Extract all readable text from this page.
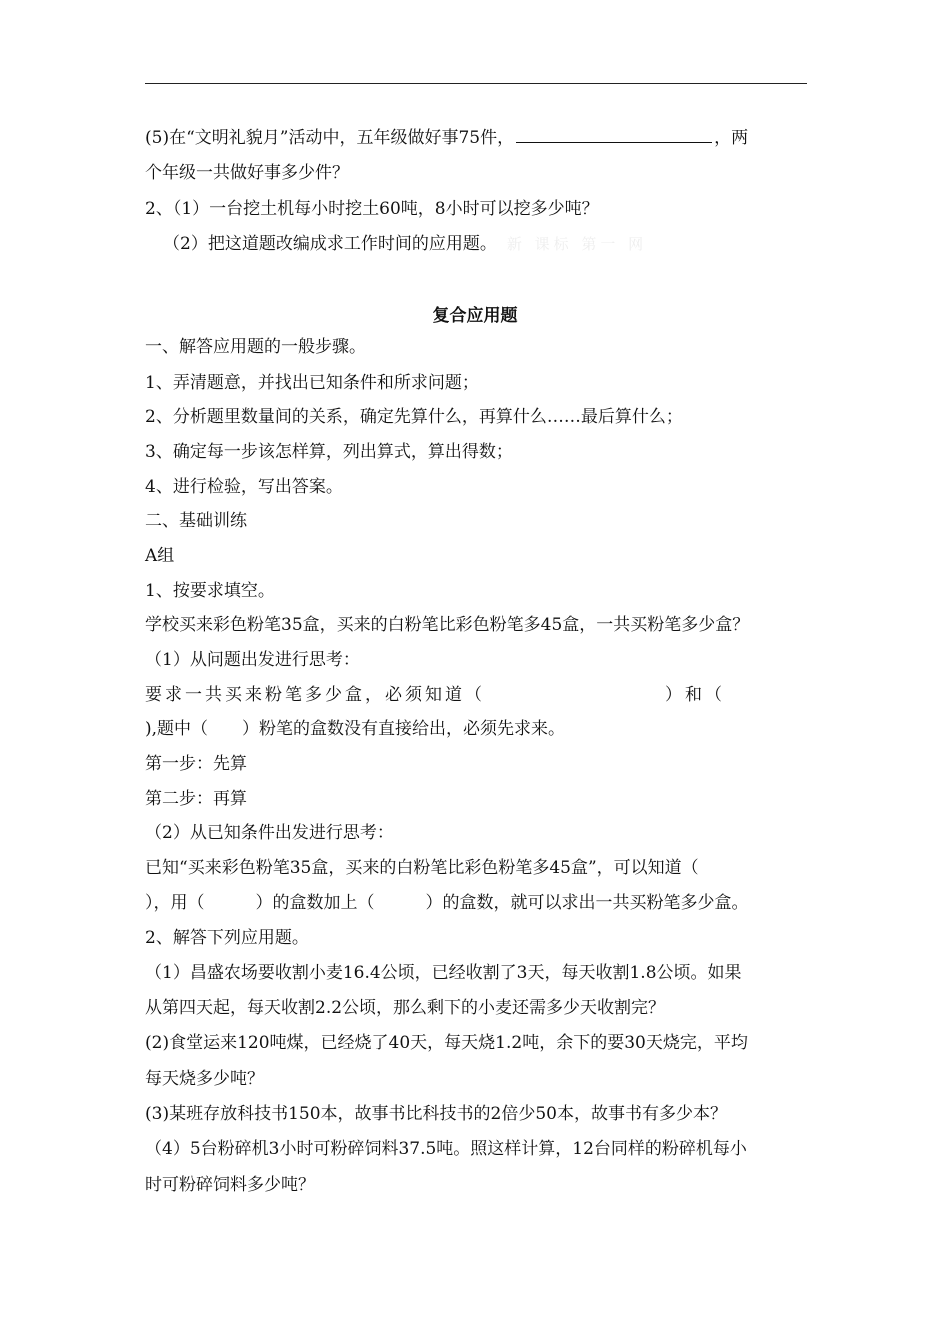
(5)在“文明礼貌月”活动中，五年级做好事75件，	，两
个年级一共做好事多少件？
2、（1）一台挖土机每小时挖土60吨，8小时可以挖多少吨？
（2）把这道题改编成求工作时间的应用题。 新 课标 第一 网
复合应用题
一、解答应用题的一般步骤。
1、弄清题意，并找出已知条件和所求问题；
2、分析题里数量间的关系，确定先算什么，再算什么……最后算什么；
3、确定每一步该怎样算，列出算式，算出得数；
4、进行检验，写出答案。
二、基础训练
A组
1、按要求填空。
学校买来彩色粉笔35盒，买来的白粉笔比彩色粉笔多45盒，一共买粉笔多少盒？
（1）从问题出发进行思考：
要求一共买来粉笔多少盒，必须知道（　　　　　　　　　）和（
),题中（　　）粉笔的盒数没有直接给出，必须先求来。
第一步：先算
第二步：再算
（2）从已知条件出发进行思考：
已知“买来彩色粉笔35盒，买来的白粉笔比彩色粉笔多45盒”，可以知道（
），用（　　　）的盒数加上（　　　）的盒数，就可以求出一共买粉笔多少盒。
2、解答下列应用题。
（1）昌盛农场要收割小麦16.4公顷，已经收割了3天，每天收割1.8公顷。如果
从第四天起，每天收割2.2公顷，那么剩下的小麦还需多少天收割完？
(2)食堂运来120吨煤，已经烧了40天，每天烧1.2吨，余下的要30天烧完，平均
每天烧多少吨？
(3)某班存放科技书150本，故事书比科技书的2倍少50本，故事书有多少本？
（4）5台粉碎机3小时可粉碎饲料37.5吨。照这样计算，12台同样的粉碎机每小
时可粉碎饲料多少吨？
